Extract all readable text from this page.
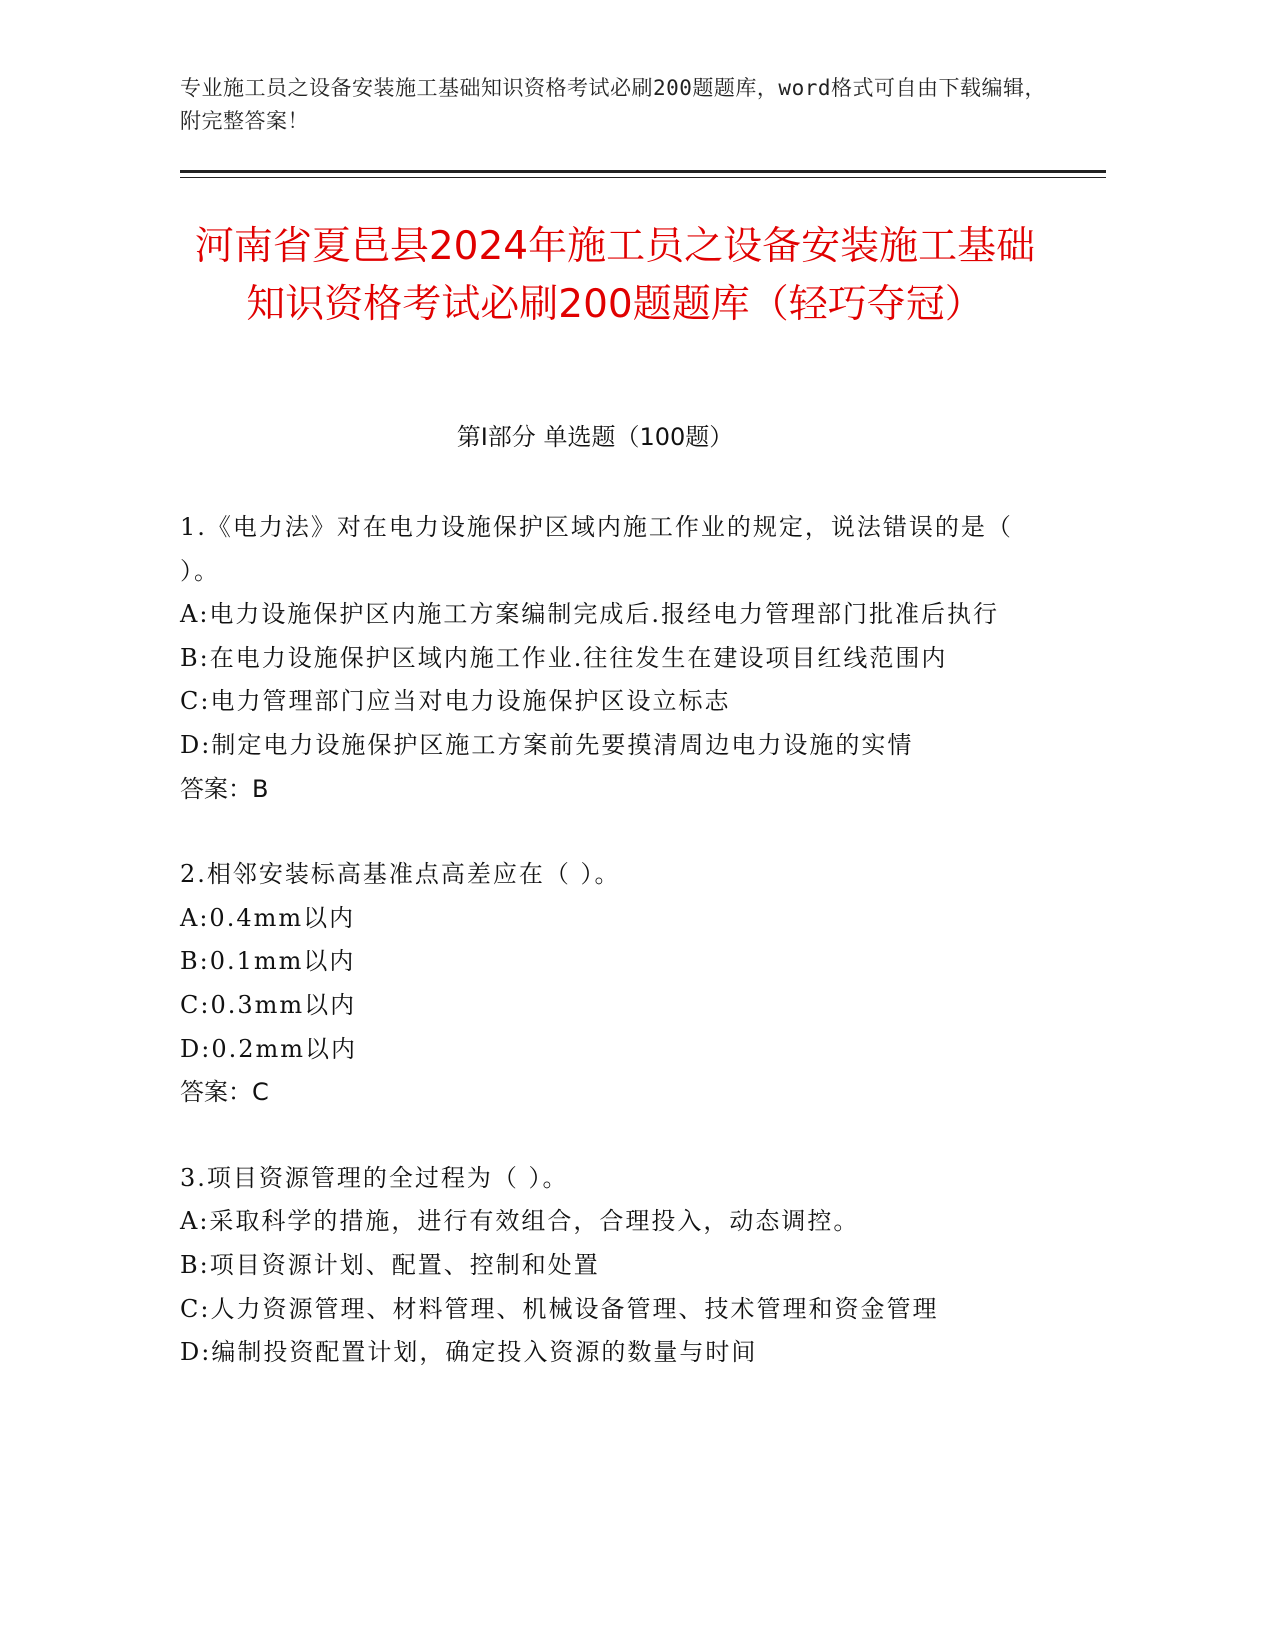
专业施工员之设备安装施工基础知识资格考试必刷200题题库，word格式可自由下载编辑，附完整答案！
河南省夏邑县2024年施工员之设备安装施工基础知识资格考试必刷200题题库（轻巧夺冠）
第I部分 单选题（100题）
1.《电力法》对在电力设施保护区域内施工作业的规定，说法错误的是（ ）。
A: 电力设施保护区内施工方案编制完成后.报经电力管理部门批准后执行
B: 在电力设施保护区域内施工作业.往往发生在建设项目红线范围内
C: 电力管理部门应当对电力设施保护区设立标志
D: 制定电力设施保护区施工方案前先要摸清周边电力设施的实情
答案：B
2.相邻安装标高基准点高差应在（ ）。
A: 0.4mm以内
B: 0.1mm以内
C: 0.3mm以内
D: 0.2mm以内
答案：C
3.项目资源管理的全过程为（ ）。
A: 采取科学的措施，进行有效组合，合理投入，动态调控。
B: 项目资源计划、配置、控制和处置
C: 人力资源管理、材料管理、机械设备管理、技术管理和资金管理
D: 编制投资配置计划，确定投入资源的数量与时间
